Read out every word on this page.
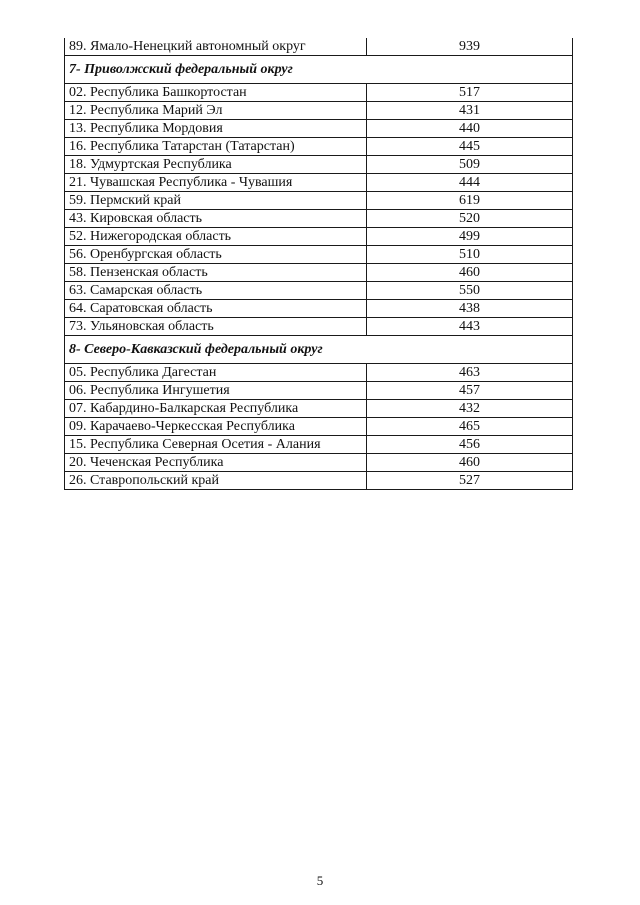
89. Ямало-Ненецкий автономный округ	939
7- Приволжский федеральный округ	
02. Республика Башкортостан	517
12. Республика Марий Эл	431
13. Республика Мордовия	440
16. Республика Татарстан (Татарстан)	445
18. Удмуртская Республика	509
21. Чувашская Республика - Чувашия	444
59. Пермский край	619
43. Кировская область	520
52. Нижегородская область	499
56. Оренбургская область	510
58. Пензенская область	460
63. Самарская область	550
64. Саратовская область	438
73. Ульяновская область	443
8- Северо-Кавказский федеральный округ	
05. Республика Дагестан	463
06. Республика Ингушетия	457
07. Кабардино-Балкарская Республика	432
09. Карачаево-Черкесская Республика	465
15. Республика Северная Осетия - Алания	456
20. Чеченская Республика	460
26. Ставропольский край	527
5
